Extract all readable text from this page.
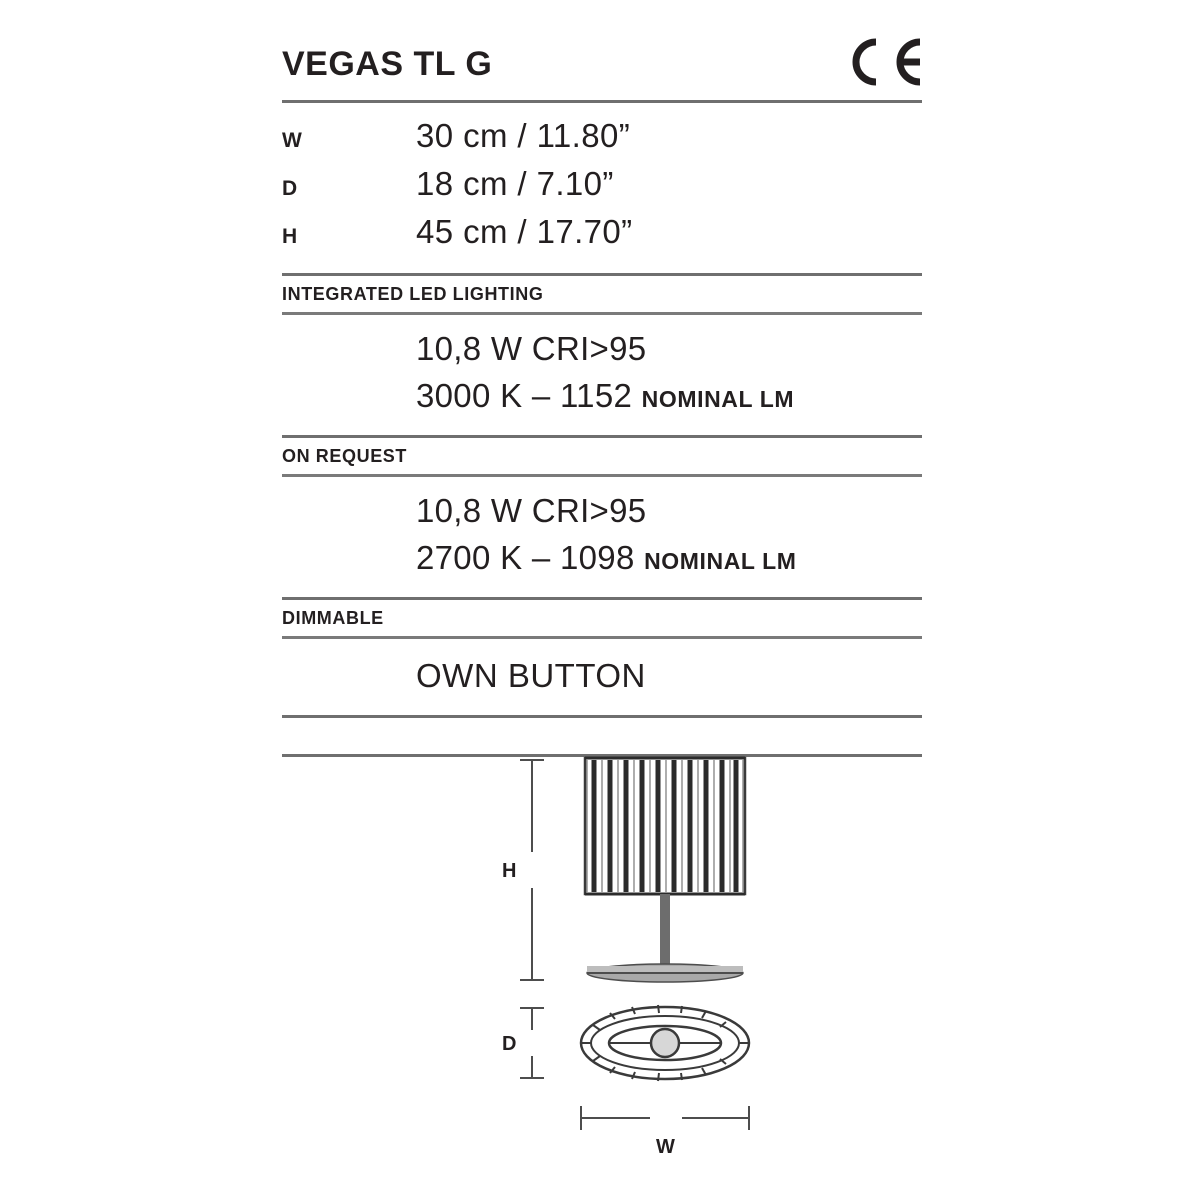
VEGAS TL G
W	30 cm / 11.80”
D	18 cm / 7.10”
H	45 cm / 17.70”
INTEGRATED LED LIGHTING
10,8 W CRI>95
3000 K – 1152 NOMINAL LM
ON REQUEST
10,8 W CRI>95
2700 K – 1098 NOMINAL LM
DIMMABLE
OWN BUTTON
H
D
W
